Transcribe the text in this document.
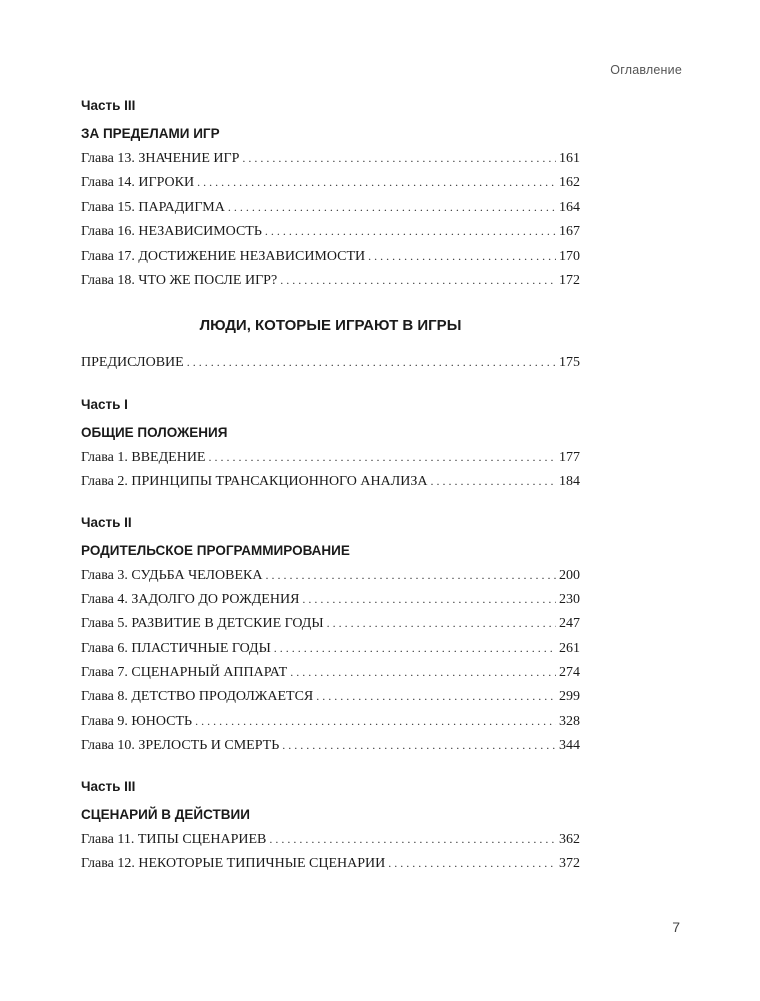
Оглавление
Часть III
ЗА ПРЕДЕЛАМИ ИГР
Глава 13. ЗНАЧЕНИЕ ИГР . . .	161
Глава 14. ИГРОКИ . . .	162
Глава 15. ПАРАДИГМА . . .	164
Глава 16. НЕЗАВИСИМОСТЬ . . .	167
Глава 17. ДОСТИЖЕНИЕ НЕЗАВИСИМОСТИ . . .	170
Глава 18. ЧТО ЖЕ ПОСЛЕ ИГР? . . .	172
ЛЮДИ, КОТОРЫЕ ИГРАЮТ В ИГРЫ
ПРЕДИСЛОВИЕ . . .	175
Часть I
ОБЩИЕ ПОЛОЖЕНИЯ
Глава 1. ВВЕДЕНИЕ . . .	177
Глава 2. ПРИНЦИПЫ ТРАНСАКЦИОННОГО АНАЛИЗА . . .	184
Часть II
РОДИТЕЛЬСКОЕ ПРОГРАММИРОВАНИЕ
Глава 3. СУДЬБА ЧЕЛОВЕКА . . .	200
Глава 4. ЗАДОЛГО ДО РОЖДЕНИЯ . . .	230
Глава 5. РАЗВИТИЕ В ДЕТСКИЕ ГОДЫ . . .	247
Глава 6. ПЛАСТИЧНЫЕ ГОДЫ . . .	261
Глава 7. СЦЕНАРНЫЙ АППАРАТ . . .	274
Глава 8. ДЕТСТВО ПРОДОЛЖАЕТСЯ . . .	299
Глава 9. ЮНОСТЬ . . .	328
Глава 10. ЗРЕЛОСТЬ И СМЕРТЬ . . .	344
Часть III
СЦЕНАРИЙ В ДЕЙСТВИИ
Глава 11. ТИПЫ СЦЕНАРИЕВ . . .	362
Глава 12. НЕКОТОРЫЕ ТИПИЧНЫЕ СЦЕНАРИИ . . .	372
7
